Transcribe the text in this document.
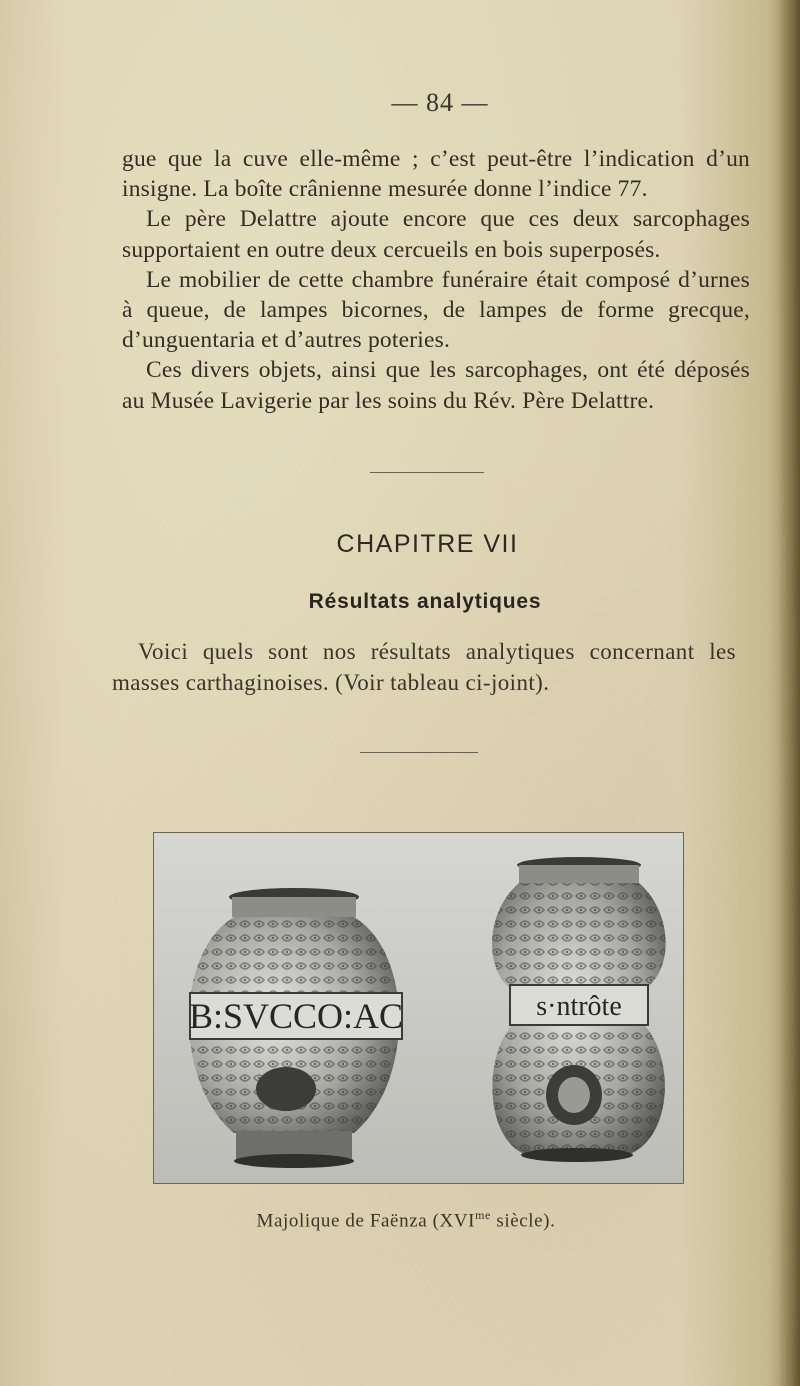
— 84 —

gue que la cuve elle-même ; c’est peut-être l’indication d’un insigne. La boîte crânienne mesurée donne l’indice 77.

Le père Delattre ajoute encore que ces deux sarcophages supportaient en outre deux cercueils en bois superposés.

Le mobilier de cette chambre funéraire était composé d’urnes à queue, de lampes bicornes, de lampes de forme grecque, d’unguentaria et d’autres poteries.

Ces divers objets, ainsi que les sarcophages, ont été déposés au Musée Lavigerie par les soins du Rév. Père Delattre.

CHAPITRE VII
Résultats analytiques

Voici quels sont nos résultats analytiques concernant les masses carthaginoises. (Voir tableau ci-joint).

B:SVCCO:AC	s·ntrôte
Majolique de Faënza ($XVI^{me}$ siècle).
